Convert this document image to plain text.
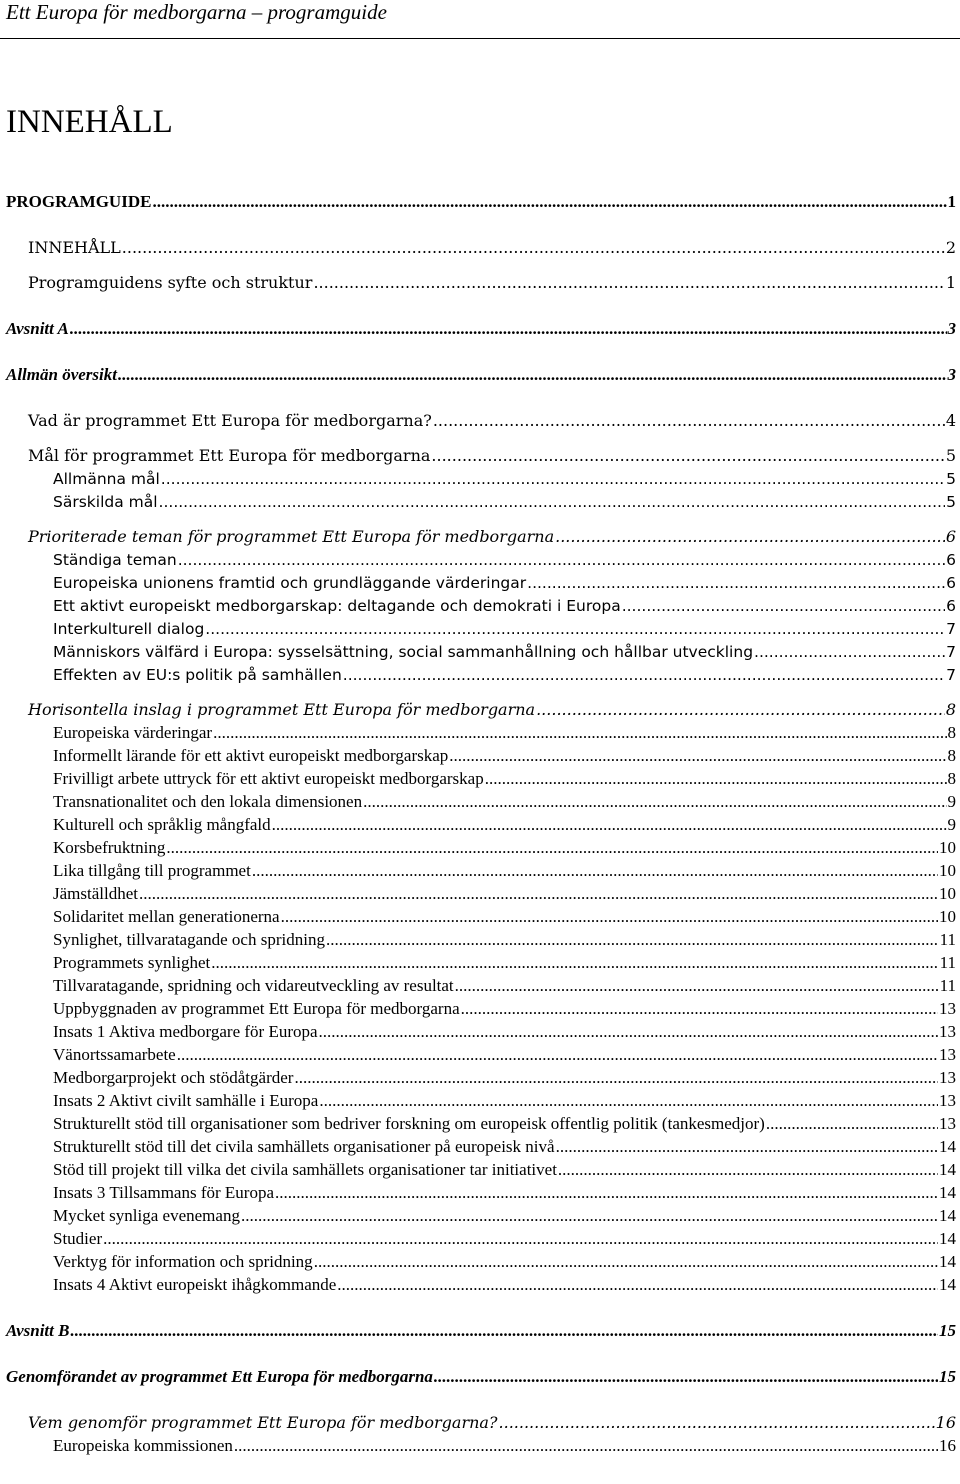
Ett Europa för medborgarna – programguide
INNEHÅLL
PROGRAMGUIDE .....	1
INNEHÅLL .....	2
Programguidens syfte och struktur .....	1
Avsnitt A .....	3
Allmän översikt .....	3
Vad är programmet Ett Europa för medborgarna? .....	4
Mål för programmet Ett Europa för medborgarna .....	5
Allmänna mål .....	5
Särskilda mål .....	5
Prioriterade teman för programmet Ett Europa för medborgarna .....	6
Ständiga teman .....	6
Europeiska unionens framtid och grundläggande värderingar .....	6
Ett aktivt europeiskt medborgarskap: deltagande och demokrati i Europa .....	6
Interkulturell dialog .....	7
Människors välfärd i Europa: sysselsättning, social sammanhållning och hållbar utveckling .....	7
Effekten av EU:s politik på samhällen .....	7
Horisontella inslag i programmet Ett Europa för medborgarna .....	8
Europeiska värderingar .....	8
Informellt lärande för ett aktivt europeiskt medborgarskap .....	8
Frivilligt arbete uttryck för ett aktivt europeiskt medborgarskap .....	8
Transnationalitet och den lokala dimensionen .....	9
Kulturell och språklig mångfald .....	9
Korsbefruktning .....	10
Lika tillgång till programmet .....	10
Jämställdhet .....	10
Solidaritet mellan generationerna .....	10
Synlighet, tillvaratagande och spridning .....	11
Programmets synlighet .....	11
Tillvaratagande, spridning och vidareutveckling av resultat .....	11
Uppbyggnaden av programmet Ett Europa för medborgarna .....	13
Insats 1 Aktiva medborgare för Europa .....	13
Vänortssamarbete .....	13
Medborgarprojekt och stödåtgärder .....	13
Insats 2 Aktivt civilt samhälle i Europa .....	13
Strukturellt stöd till organisationer som bedriver forskning om europeisk offentlig politik (tankesmedjor) .....	13
Strukturellt stöd till det civila samhällets organisationer på europeisk nivå .....	14
Stöd till projekt till vilka det civila samhällets organisationer tar initiativet .....	14
Insats 3 Tillsammans för Europa .....	14
Mycket synliga evenemang .....	14
Studier .....	14
Verktyg för information och spridning .....	14
Insats 4 Aktivt europeiskt ihågkommande .....	14
Avsnitt B .....	15
Genomförandet av programmet Ett Europa för medborgarna .....	15
Vem genomför programmet Ett Europa för medborgarna? .....	16
Europeiska kommissionen .....	16
